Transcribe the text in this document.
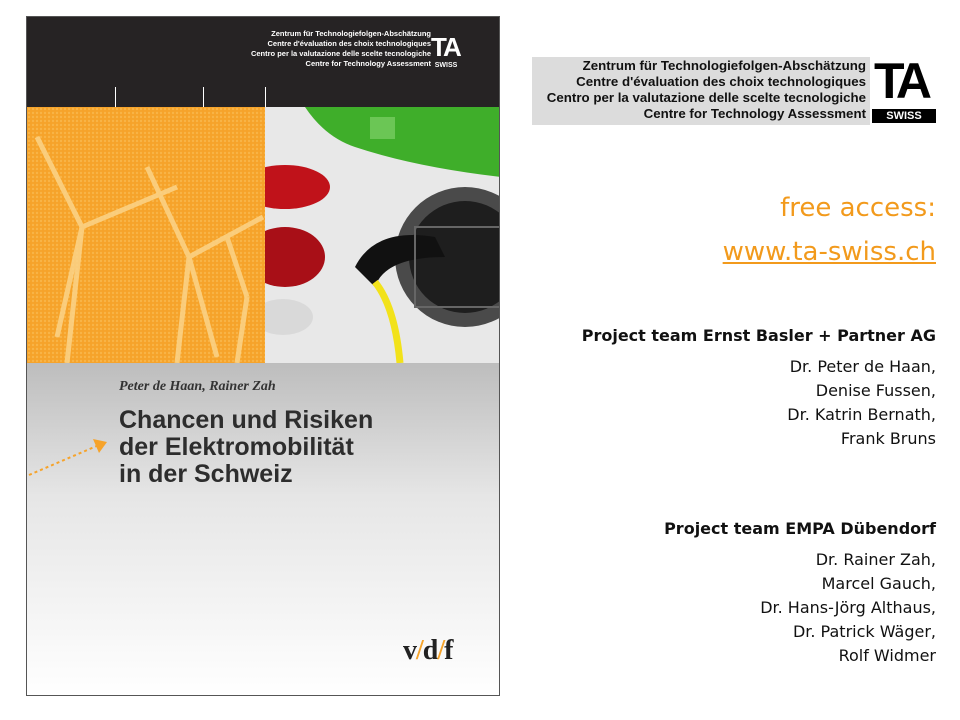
Zentrum für Technologiefolgen-Abschätzung
Centre d'évaluation des choix technologiques
Centro per la valutazione delle scelte tecnologiche
Centre for Technology Assessment
TA
SWISS
Peter de Haan, Rainer Zah
Chancen und Risiken
der Elektromobilität
in der Schweiz
v/d/f
Zentrum für Technologiefolgen-Abschätzung
Centre d'évaluation des choix technologiques
Centro per la valutazione delle scelte tecnologiche
Centre for Technology Assessment
TA
SWISS
free access:
www.ta-swiss.ch
Project team Ernst Basler + Partner AG
Dr. Peter de Haan,
Denise Fussen,
Dr. Katrin Bernath,
Frank Bruns
Project team EMPA Dübendorf
Dr. Rainer Zah,
Marcel Gauch,
Dr. Hans-Jörg Althaus,
Dr. Patrick Wäger,
Rolf Widmer
